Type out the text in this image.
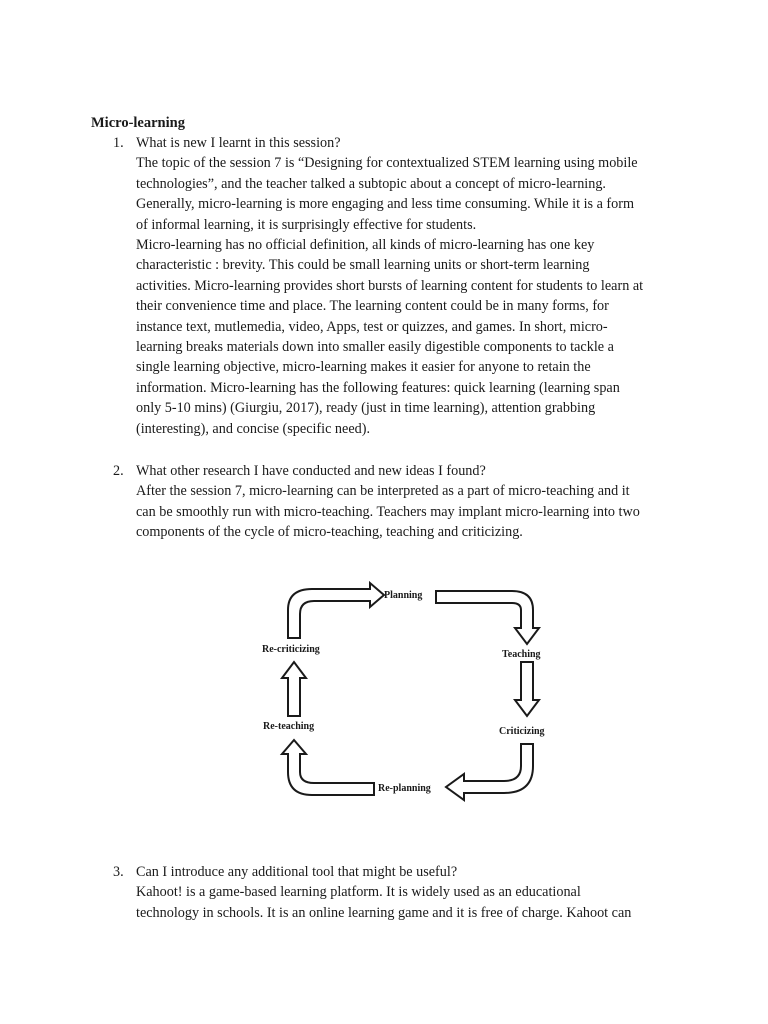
Micro-learning
1. What is new I learnt in this session?

The topic of the session 7 is “Designing for contextualized STEM learning using mobile

technologies”, and the teacher talked a subtopic about a concept of micro-learning.

Generally, micro-learning is more engaging and less time consuming. While it is a form

of informal learning, it is surprisingly effective for students.

Micro-learning has no official definition, all kinds of micro-learning has one key

characteristic : brevity. This could be small learning units or short-term learning

activities. Micro-learning provides short bursts of learning content for students to learn at

their convenience time and place. The learning content could be in many forms, for

instance text, mutlemedia, video, Apps, test or quizzes, and games. In short, micro-

learning breaks materials down into smaller easily digestible components to tackle a

single learning objective, micro-learning makes it easier for anyone to retain the

information. Micro-learning has the following features: quick learning (learning span

only 5-10 mins) (Giurgiu, 2017), ready (just in time learning), attention grabbing

(interesting), and concise (specific need).

2. What other research I have conducted and new ideas I found?

After the session 7, micro-learning can be interpreted as a part of micro-teaching and it

can be smoothly run with micro-teaching. Teachers may implant micro-learning into two

components of the cycle of micro-teaching, teaching and criticizing.

Planning
Teaching
Criticizing
Re-planning
Re-teaching
Re-criticizing
3. Can I introduce any additional tool that might be useful?

Kahoot! is a game-based learning platform. It is widely used as an educational

technology in schools. It is an online learning game and it is free of charge. Kahoot can
